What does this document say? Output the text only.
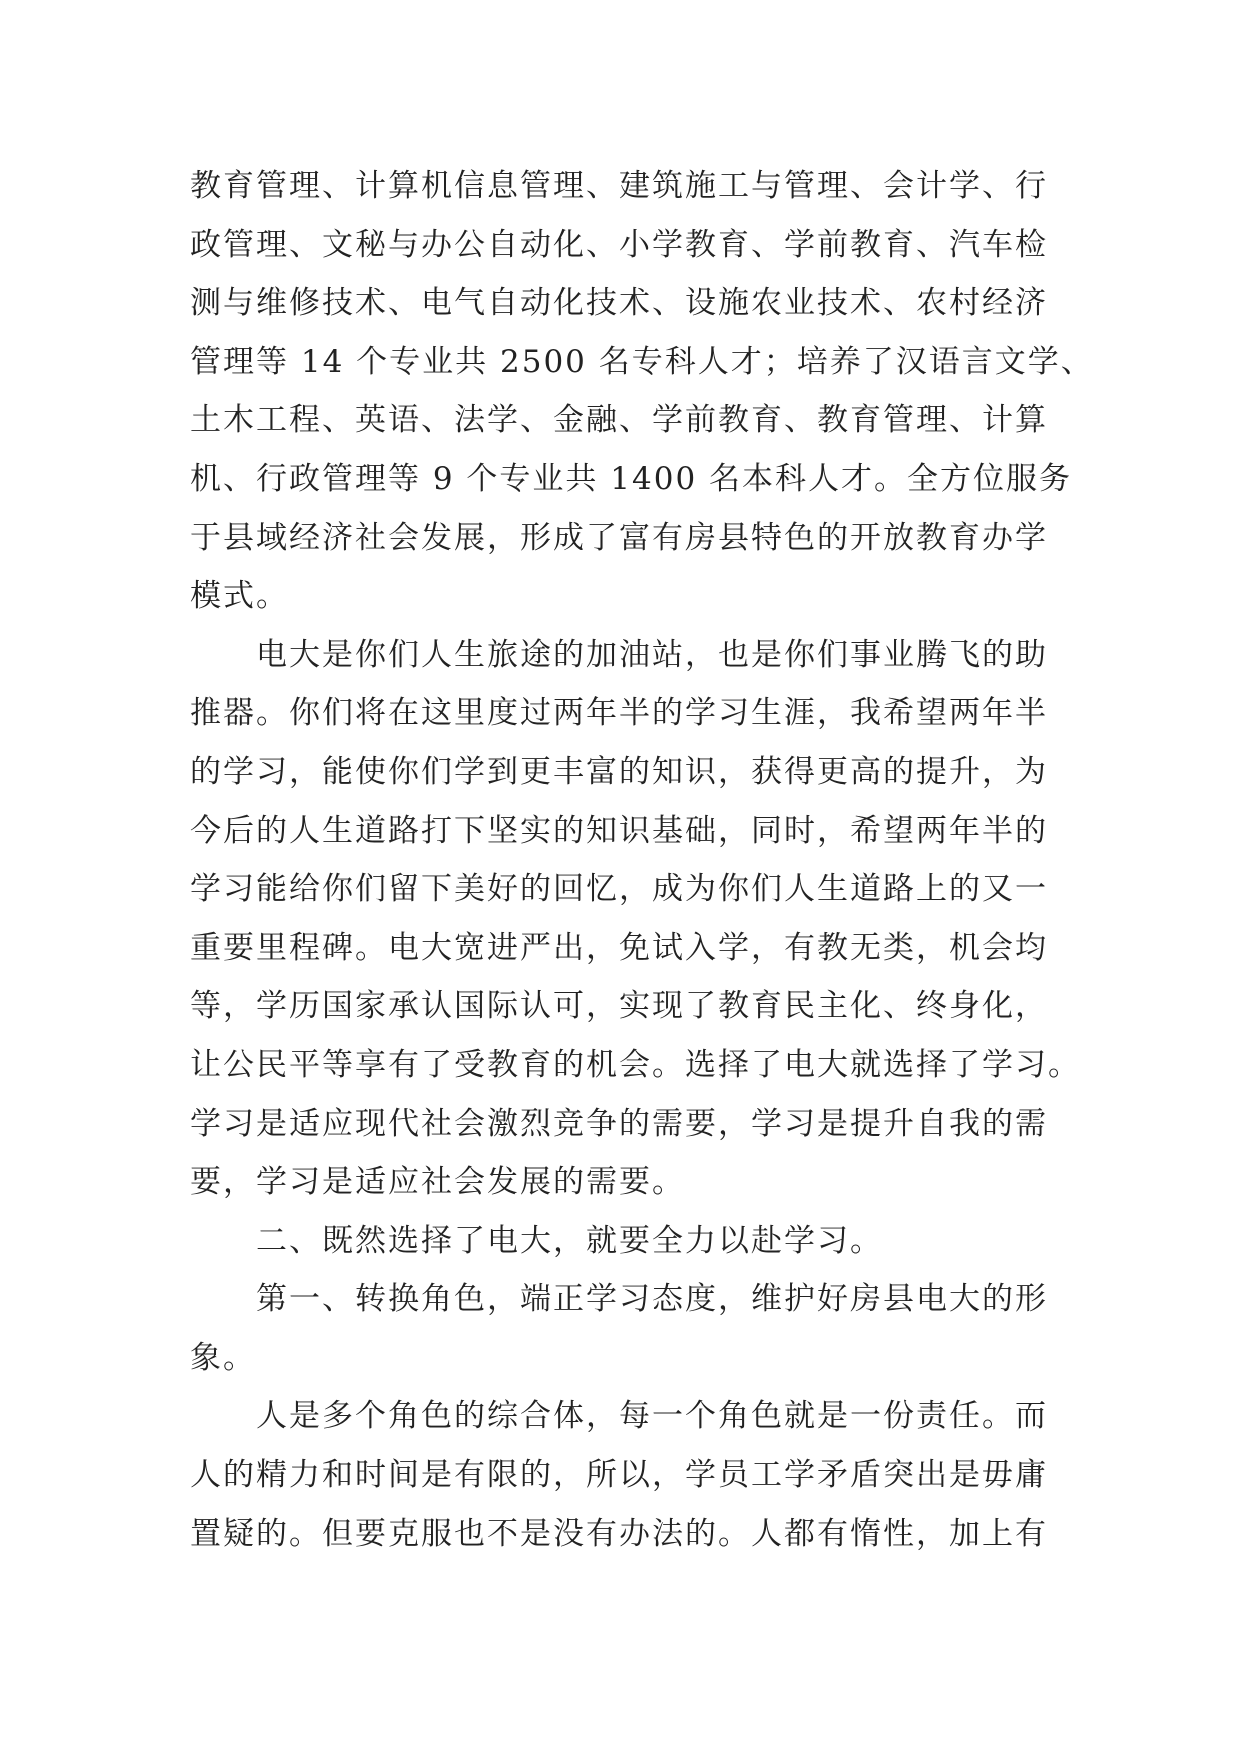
教育管理、计算机信息管理、建筑施工与管理、会计学、行
政管理、文秘与办公自动化、小学教育、学前教育、汽车检
测与维修技术、电气自动化技术、设施农业技术、农村经济
管理等 14 个专业共 2500 名专科人才；培养了汉语言文学、
土木工程、英语、法学、金融、学前教育、教育管理、计算
机、行政管理等 9 个专业共 1400 名本科人才。全方位服务
于县域经济社会发展，形成了富有房县特色的开放教育办学
模式。

电大是你们人生旅途的加油站，也是你们事业腾飞的助
推器。你们将在这里度过两年半的学习生涯，我希望两年半
的学习，能使你们学到更丰富的知识，获得更高的提升，为
今后的人生道路打下坚实的知识基础，同时，希望两年半的
学习能给你们留下美好的回忆，成为你们人生道路上的又一
重要里程碑。电大宽进严出，免试入学，有教无类，机会均
等，学历国家承认国际认可，实现了教育民主化、终身化，
让公民平等享有了受教育的机会。选择了电大就选择了学习。
学习是适应现代社会激烈竞争的需要，学习是提升自我的需
要，学习是适应社会发展的需要。

二、既然选择了电大，就要全力以赴学习。

第一、转换角色，端正学习态度，维护好房县电大的形
象。

人是多个角色的综合体，每一个角色就是一份责任。而
人的精力和时间是有限的，所以，学员工学矛盾突出是毋庸
置疑的。但要克服也不是没有办法的。人都有惰性，加上有
